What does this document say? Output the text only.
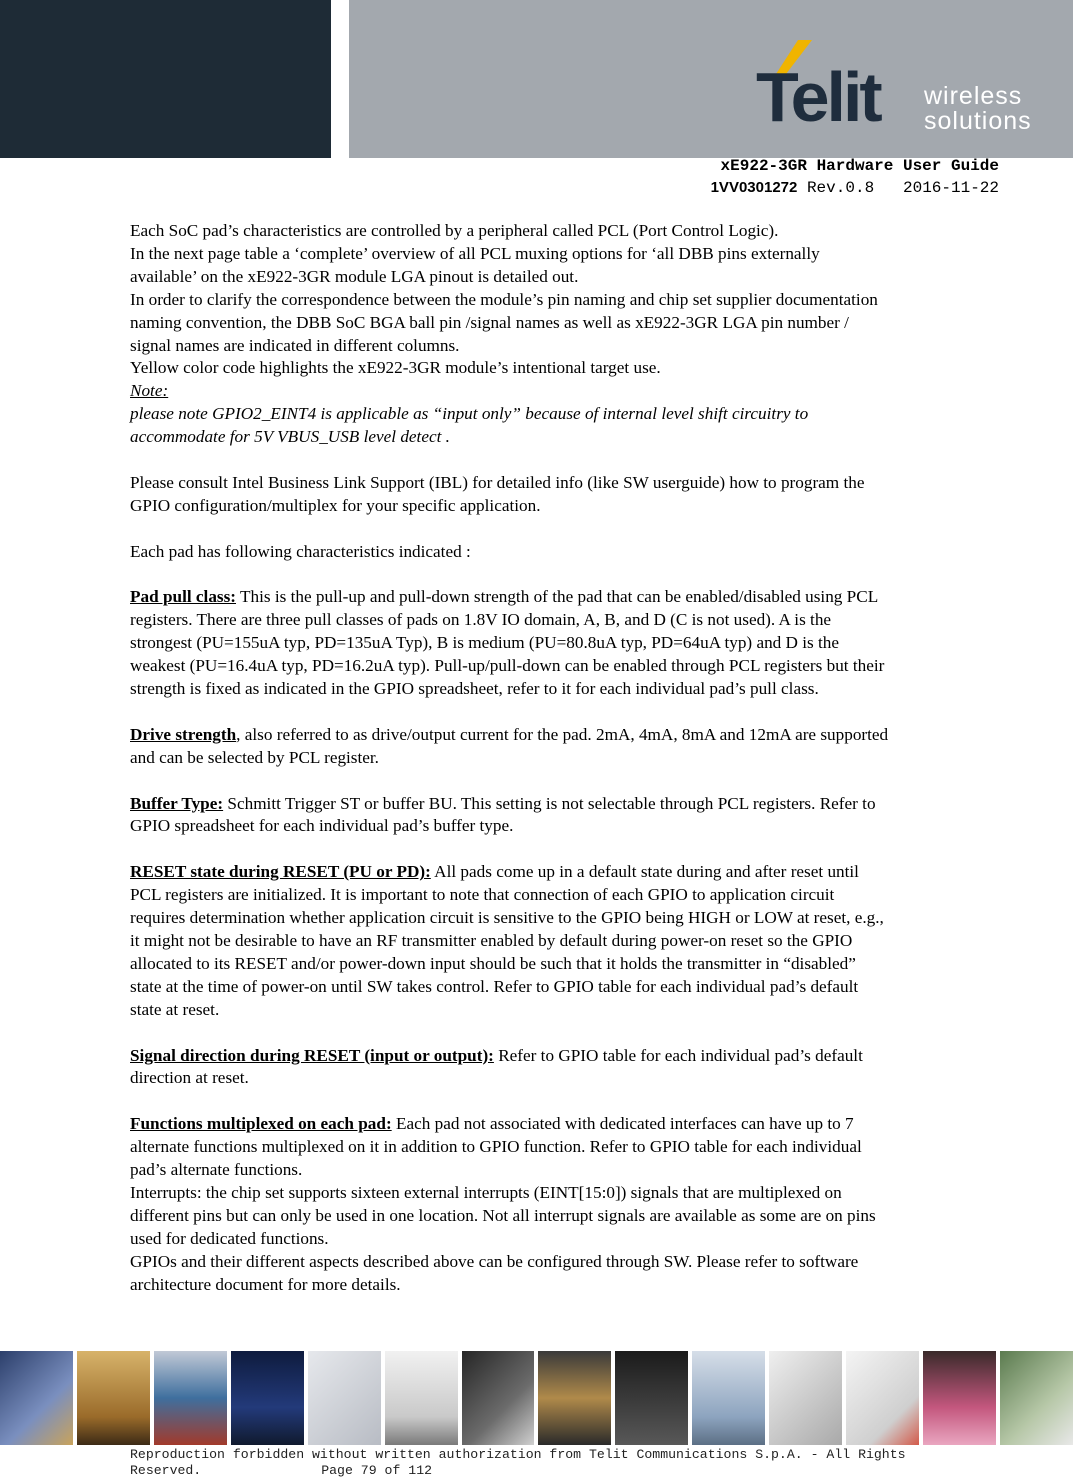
Telit wireless
solutions
xE922-3GR Hardware User Guide
1VV0301272 Rev.0.8 2016-11-22

Each SoC pad’s characteristics are controlled by a peripheral called PCL (Port Control Logic).

In the next page table a ‘complete’ overview of all PCL muxing options for ‘all DBB pins externally

available’ on the xE922-3GR module LGA pinout is detailed out.

In order to clarify the correspondence between the module’s pin naming and chip set supplier documentation

naming convention, the DBB SoC BGA ball pin /signal names as well as xE922-3GR LGA pin number /

signal names are indicated in different columns.

Yellow color code highlights the xE922-3GR module’s intentional target use.

Note:

please note GPIO2_EINT4 is applicable as “input only” because of internal level shift circuitry to

accommodate for 5V VBUS_USB level detect .

Please consult Intel Business Link Support (IBL) for detailed info (like SW userguide) how to program the

GPIO configuration/multiplex for your specific application.

Each pad has following characteristics indicated :

Pad pull class: This is the pull-up and pull-down strength of the pad that can be enabled/disabled using PCL

registers. There are three pull classes of pads on 1.8V IO domain, A, B, and D (C is not used). A is the

strongest (PU=155uA typ, PD=135uA Typ), B is medium (PU=80.8uA typ, PD=64uA typ) and D is the

weakest (PU=16.4uA typ, PD=16.2uA typ). Pull-up/pull-down can be enabled through PCL registers but their

strength is fixed as indicated in the GPIO spreadsheet, refer to it for each individual pad’s pull class.

Drive strength, also referred to as drive/output current for the pad. 2mA, 4mA, 8mA and 12mA are supported

and can be selected by PCL register.

Buffer Type: Schmitt Trigger ST or buffer BU. This setting is not selectable through PCL registers. Refer to

GPIO spreadsheet for each individual pad’s buffer type.

RESET state during RESET (PU or PD): All pads come up in a default state during and after reset until

PCL registers are initialized. It is important to note that connection of each GPIO to application circuit

requires determination whether application circuit is sensitive to the GPIO being HIGH or LOW at reset, e.g.,

it might not be desirable to have an RF transmitter enabled by default during power-on reset so the GPIO

allocated to its RESET and/or power-down input should be such that it holds the transmitter in “disabled”

state at the time of power-on until SW takes control. Refer to GPIO table for each individual pad’s default

state at reset.

Signal direction during RESET (input or output): Refer to GPIO table for each individual pad’s default

direction at reset.

Functions multiplexed on each pad: Each pad not associated with dedicated interfaces can have up to 7

alternate functions multiplexed on it in addition to GPIO function. Refer to GPIO table for each individual

pad’s alternate functions.

Interrupts: the chip set supports sixteen external interrupts (EINT[15:0]) signals that are multiplexed on

different pins but can only be used in one location. Not all interrupt signals are available as some are on pins

used for dedicated functions.

GPIOs and their different aspects described above can be configured through SW. Please refer to software

architecture document for more details.

Reproduction forbidden without written authorization from Telit Communications S.p.A. - All Rights
Reserved.	Page 79 of 112
